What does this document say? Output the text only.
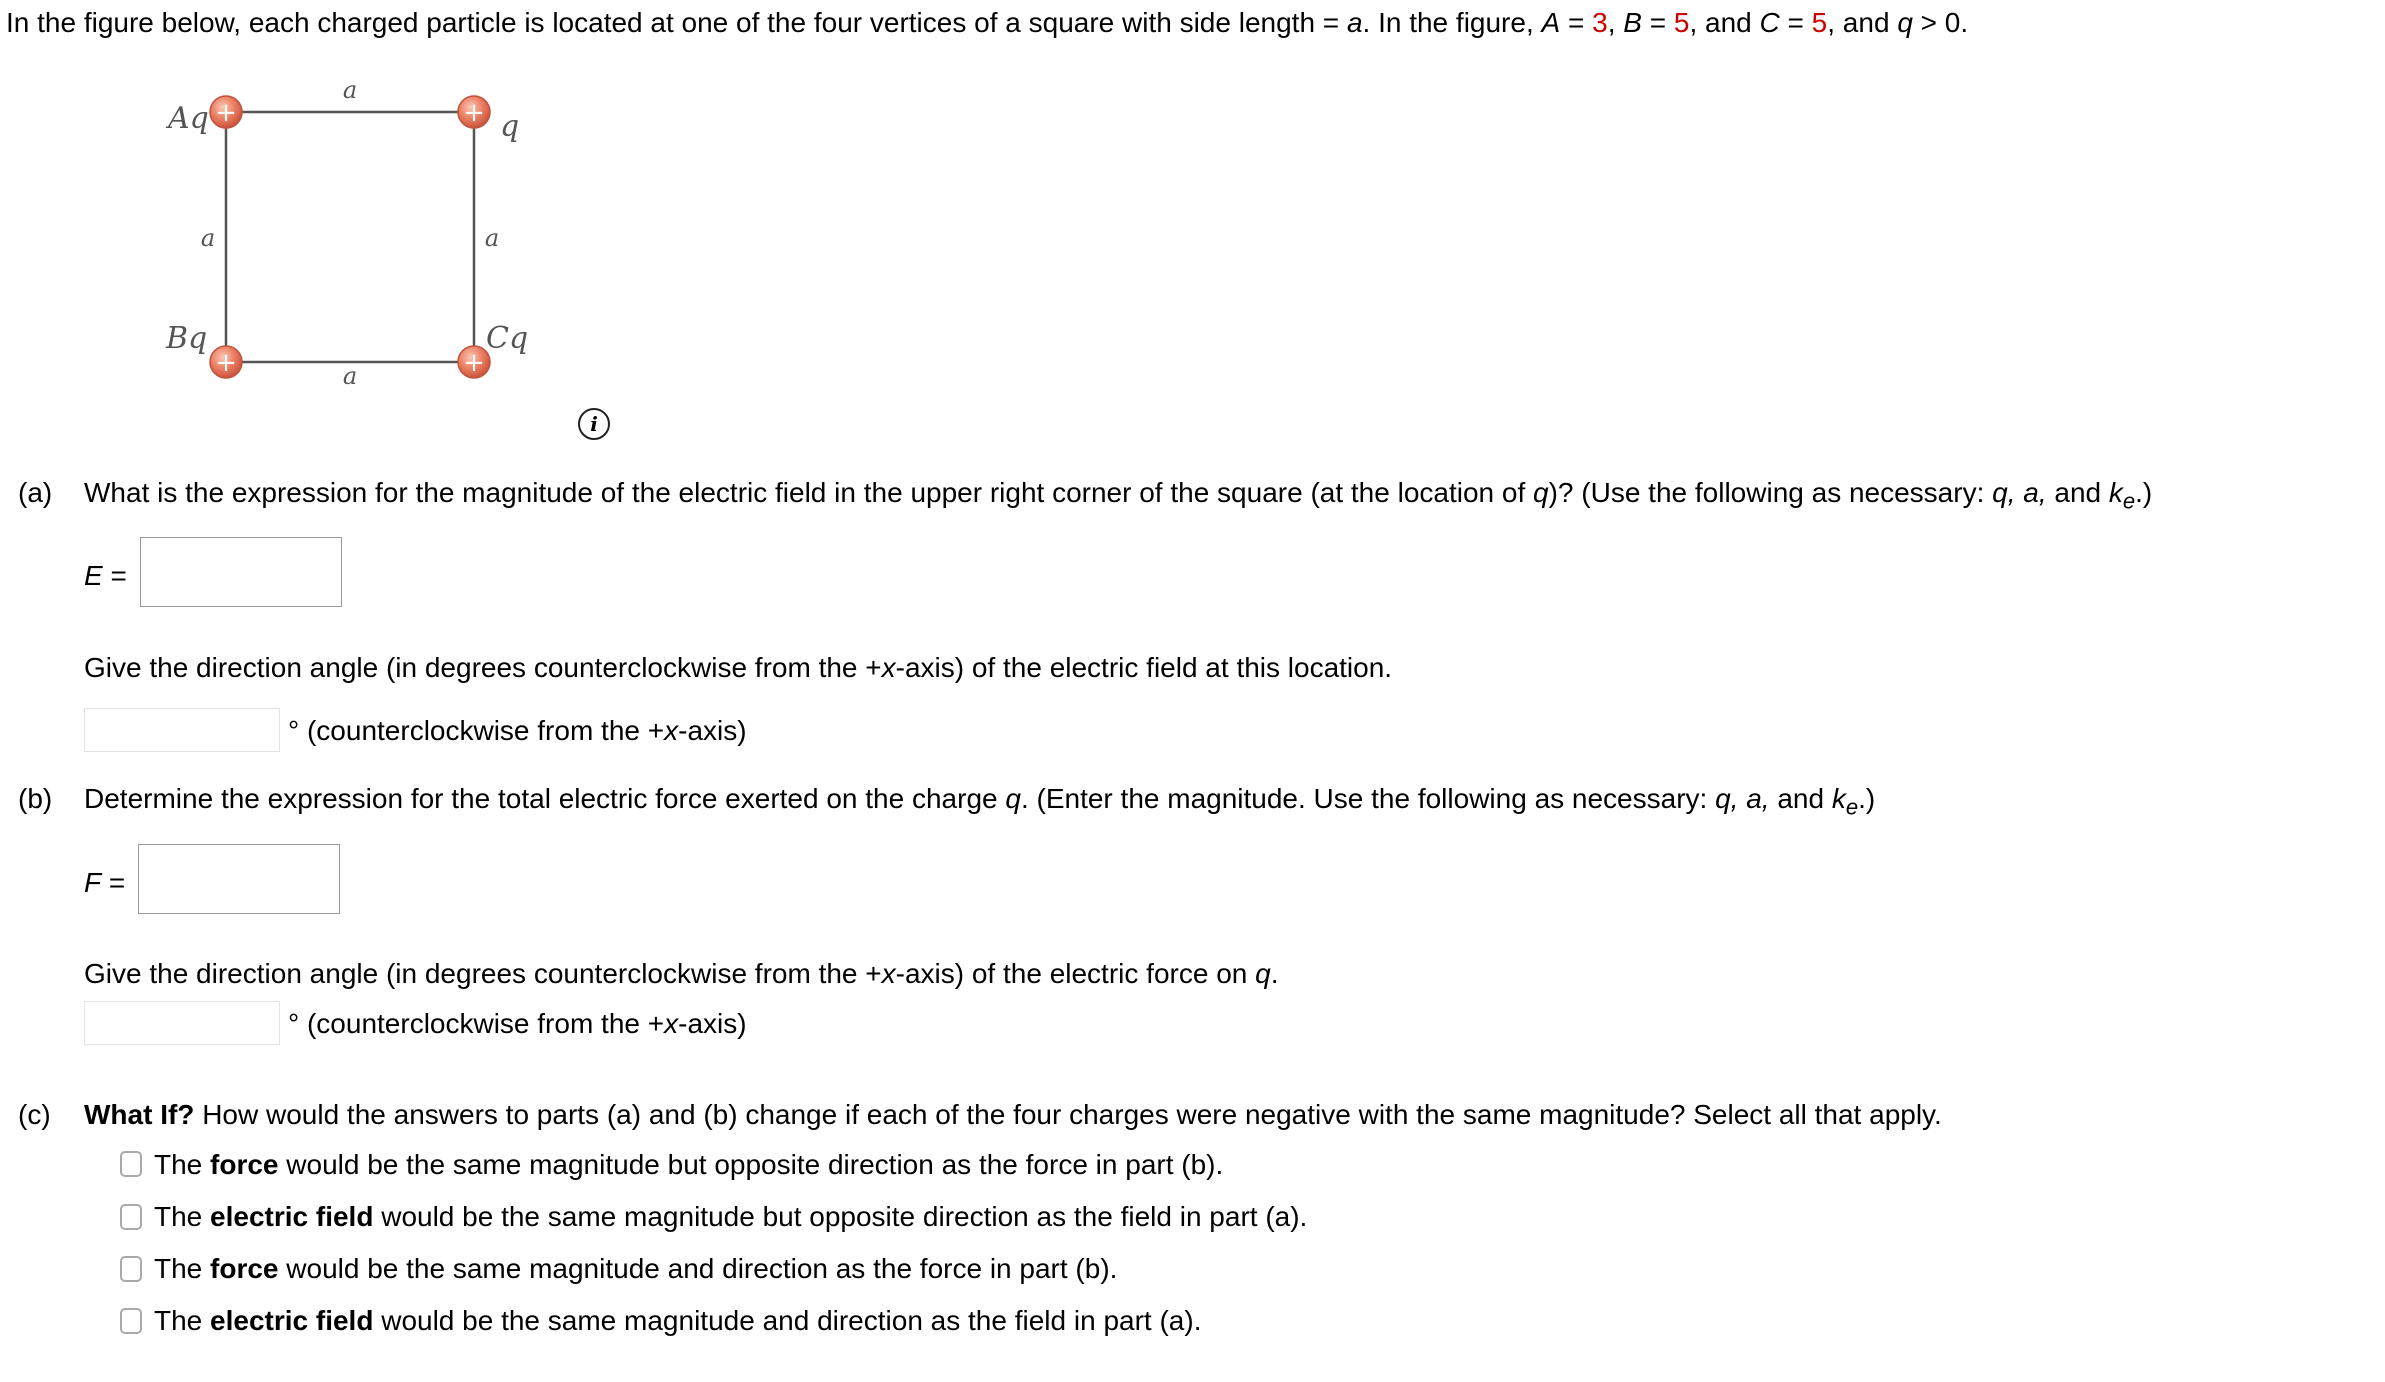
In the figure below, each charged particle is located at one of the four vertices of a square with side length = a. In the figure, A = 3, B = 5, and C = 5, and q > 0.
a
a	a
a
+	+
+	+
Aq	q
Bq	Cq
i
(a) What is the expression for the magnitude of the electric field in the upper right corner of the square (at the location of q)? (Use the following as necessary: q, a, and $k_e$.)
E =
Give the direction angle (in degrees counterclockwise from the +x-axis) of the electric field at this location.
° (counterclockwise from the +x-axis)
(b) Determine the expression for the total electric force exerted on the charge q. (Enter the magnitude. Use the following as necessary: q, a, and $k_e$.)
F =
Give the direction angle (in degrees counterclockwise from the +x-axis) of the electric force on q.
° (counterclockwise from the +x-axis)
(c) What If? How would the answers to parts (a) and (b) change if each of the four charges were negative with the same magnitude? Select all that apply.
The force would be the same magnitude but opposite direction as the force in part (b).
The electric field would be the same magnitude but opposite direction as the field in part (a).
The force would be the same magnitude and direction as the force in part (b).
The electric field would be the same magnitude and direction as the field in part (a).
